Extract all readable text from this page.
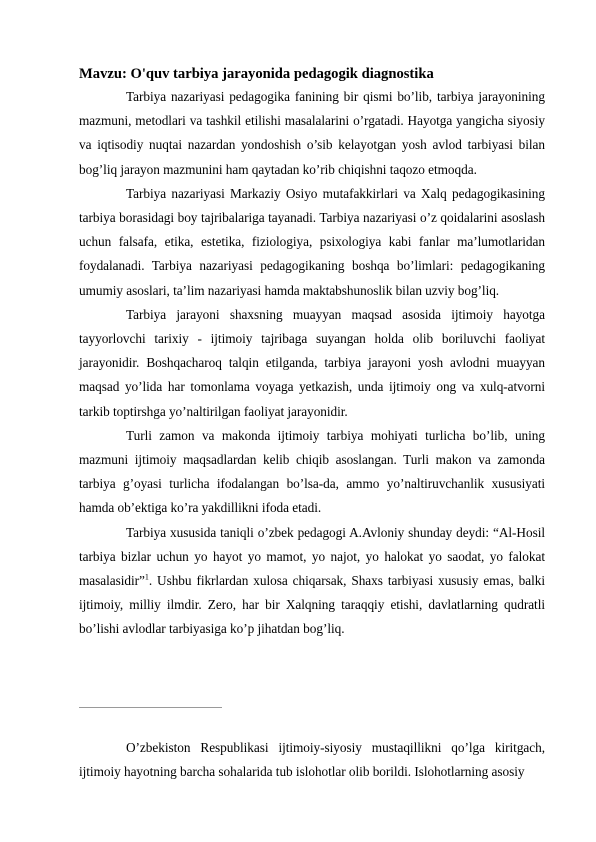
Mavzu: O'quv tarbiya jarayonida pedagogik diagnostika

Tarbiya nazariyasi pedagogika fanining bir qismi bo’lib, tarbiya jarayonining mazmuni, metodlari va tashkil etilishi masalalarini o’rgatadi. Hayotga yangicha siyosiy va iqtisodiy nuqtai nazardan yondoshish o’sib kelayotgan yosh avlod tarbiyasi bilan bog’liq jarayon mazmunini ham qaytadan ko’rib chiqishni taqozo etmoqda.

Tarbiya nazariyasi Markaziy Osiyo mutafakkirlari va Xalq pedagogikasining tarbiya borasidagi boy tajribalariga tayanadi. Tarbiya nazariyasi o’z qoidalarini asoslash uchun falsafa, etika, estetika, fiziologiya, psixologiya kabi fanlar ma’lumotlaridan foydalanadi. Tarbiya nazariyasi pedagogikaning boshqa bo’limlari: pedagogikaning umumiy asoslari, ta’lim nazariyasi hamda maktabshunoslik bilan uzviy bog’liq.

Tarbiya jarayoni shaxsning muayyan maqsad asosida ijtimoiy hayotga tayyorlovchi tarixiy - ijtimoiy tajribaga suyangan holda olib boriluvchi faoliyat jarayonidir. Boshqacharoq talqin etilganda, tarbiya jarayoni yosh avlodni muayyan maqsad yo’lida har tomonlama voyaga yetkazish, unda ijtimoiy ong va xulq-atvorni tarkib toptirshga yo’naltirilgan faoliyat jarayonidir.

Turli zamon va makonda ijtimoiy tarbiya mohiyati turlicha bo’lib, uning mazmuni ijtimoiy maqsadlardan kelib chiqib asoslangan. Turli makon va zamonda tarbiya g’oyasi turlicha ifodalangan bo’lsa-da, ammo yo’naltiruvchanlik xususiyati hamda ob’ektiga ko’ra yakdillikni ifoda etadi.

Tarbiya xususida taniqli o’zbek pedagogi A.Avloniy shunday deydi: “Al-Hosil tarbiya bizlar uchun yo hayot yo mamot, yo najot, yo halokat yo saodat, yo falokat masalasidir”$^1$. Ushbu fikrlardan xulosa chiqarsak, Shaxs tarbiyasi xususiy emas, balki ijtimoiy, milliy ilmdir. Zero, har bir Xalqning taraqqiy etishi, davlatlarning qudratli bo’lishi avlodlar tarbiyasiga ko’p jihatdan bog’liq.

O’zbekiston Respublikasi ijtimoiy-siyosiy mustaqillikni qo’lga kiritgach, ijtimoiy hayotning barcha sohalarida tub islohotlar olib borildi. Islohotlarning asosiy
